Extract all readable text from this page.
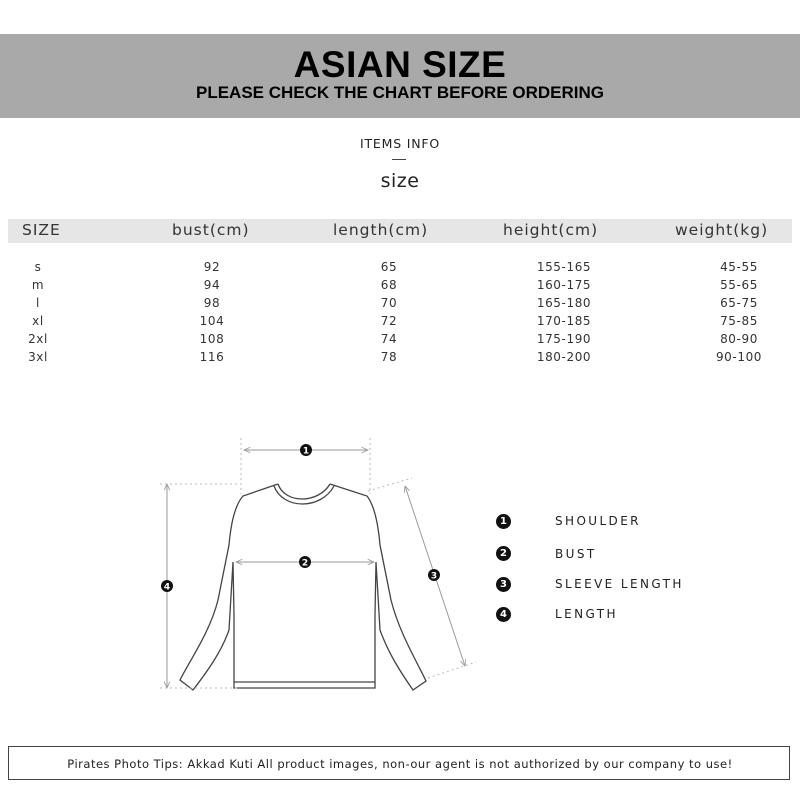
ASIAN SIZE
PLEASE CHECK THE CHART BEFORE ORDERING
ITEMS INFO
size
SIZE	bust(cm)	length(cm)	height(cm)	weight(kg)
s	92	65	155-165	45-55
m	94	68	160-175	55-65
l	98	70	165-180	65-75
xl	104	72	170-185	75-85
2xl	108	74	175-190	80-90
3xl	116	78	180-200	90-100
1
2
3
4
1	SHOULDER
2	BUST
3	SLEEVE LENGTH
4	LENGTH
Pirates Photo Tips: Akkad Kuti All product images, non-our agent is not authorized by our company to use!
